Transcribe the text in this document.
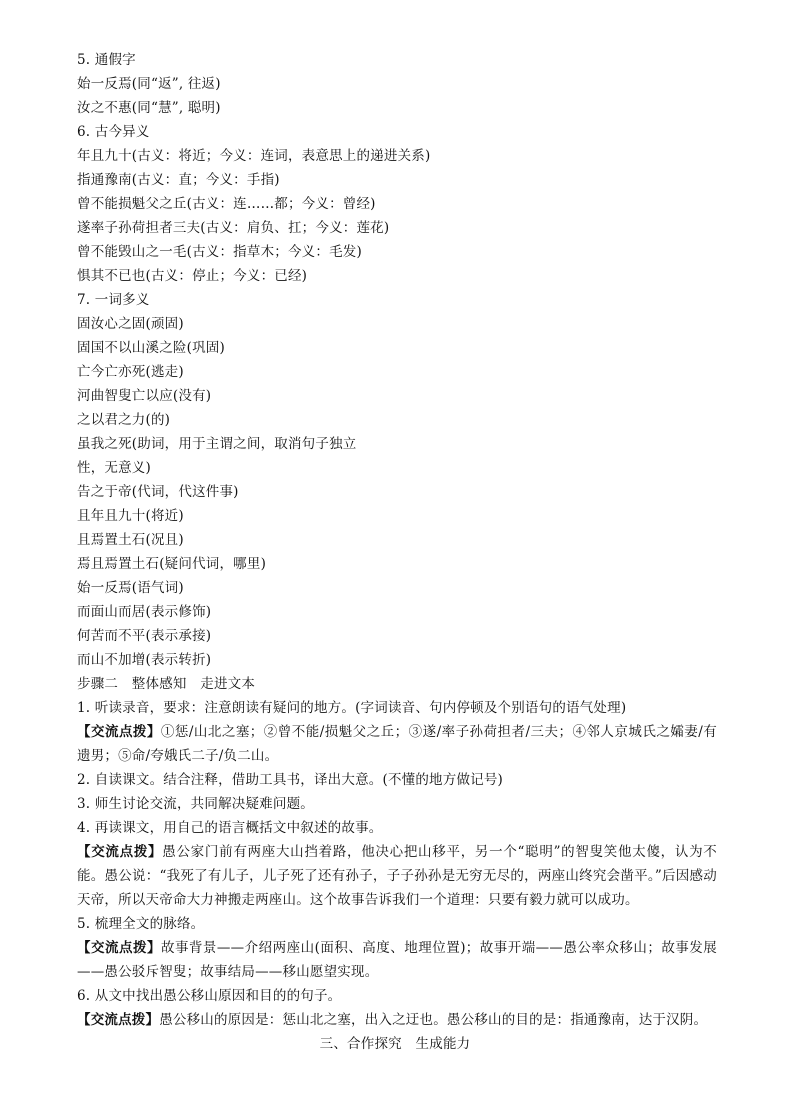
5. 通假字
始一反焉(同“返”, 往返)
汝之不惠(同“慧”, 聪明)
6. 古今异义
年且九十(古义：将近；今义：连词，表意思上的递进关系)
指通豫南(古义：直；今义：手指)
曾不能损魁父之丘(古义：连……都；今义：曾经)
遂率子孙荷担者三夫(古义：肩负、扛；今义：莲花)
曾不能毁山之一毛(古义：指草木；今义：毛发)
惧其不已也(古义：停止；今义：已经)
7. 一词多义
固汝心之固(顽固)
固国不以山溪之险(巩固)
亡今亡亦死(逃走)
河曲智叟亡以应(没有)
之以君之力(的)
虽我之死(助词，用于主谓之间，取消句子独立
性，无意义)
告之于帝(代词，代这件事)
且年且九十(将近)
且焉置土石(况且)
焉且焉置土石(疑问代词，哪里)
始一反焉(语气词)
而面山而居(表示修饰)
何苦而不平(表示承接)
而山不加增(表示转折)
步骤二　整体感知　走进文本
1. 听读录音，要求：注意朗读有疑问的地方。(字词读音、句内停顿及个别语句的语气处理)
【交流点拨】①惩/山北之塞；②曾不能/损魁父之丘；③遂/率子孙荷担者/三夫；④邻人京城氏之孀妻/有遗男；⑤命/夸娥氏二子/负二山。
2. 自读课文。结合注释，借助工具书，译出大意。(不懂的地方做记号)
3. 师生讨论交流，共同解决疑难问题。
4. 再读课文，用自己的语言概括文中叙述的故事。
【交流点拨】愚公家门前有两座大山挡着路，他决心把山移平，另一个“聪明”的智叟笑他太傻，认为不能。愚公说：“我死了有儿子，儿子死了还有孙子，子子孙孙是无穷无尽的，两座山终究会凿平。”后因感动天帝，所以天帝命大力神搬走两座山。这个故事告诉我们一个道理：只要有毅力就可以成功。
5. 梳理全文的脉络。
【交流点拨】故事背景——介绍两座山(面积、高度、地理位置)；故事开端——愚公率众移山；故事发展——愚公驳斥智叟；故事结局——移山愿望实现。
6. 从文中找出愚公移山原因和目的的句子。
【交流点拨】愚公移山的原因是：惩山北之塞，出入之迂也。愚公移山的目的是：指通豫南，达于汉阴。
三、合作探究　生成能力
